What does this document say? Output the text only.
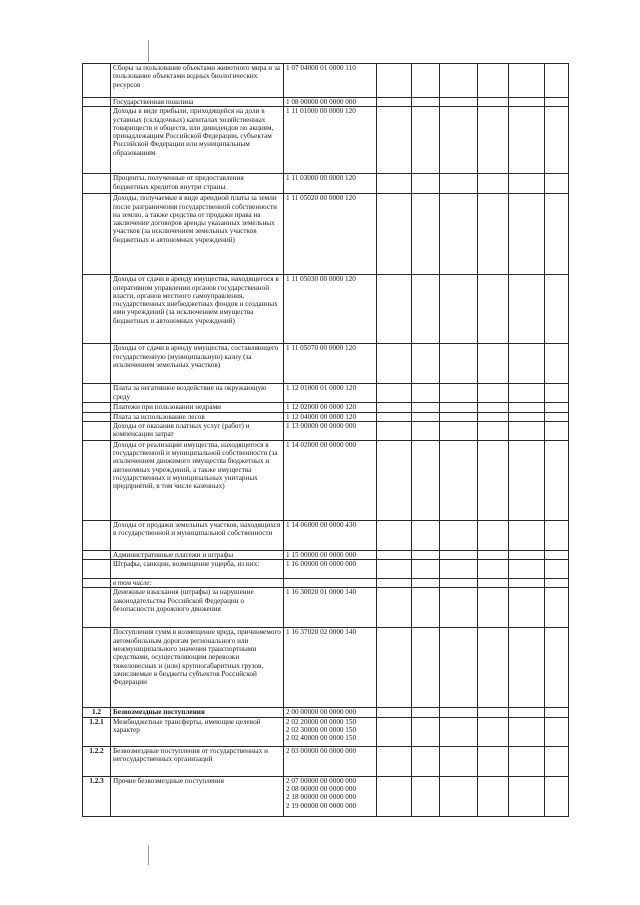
	Сборы за пользование объектами животного мира и за пользование объектами водных биологических ресурсов	1 07 04000 01 0000 110						
	Государственная пошлина	1 08 00000 00 0000 000						
	Доходы в виде прибыли, приходящейся на доли в уставных (складочных) капиталах хозяйственных товариществ и обществ, или дивидендов по акциям, принадлежащим Российской Федерации, субъектам Российской Федерации или муниципальным образованиям	1 11 01000 00 0000 120						
	Проценты, полученные от предоставления бюджетных кредитов внутри страны	1 11 03000 00 0000 120						
	Доходы, получаемые в виде арендной платы за земли после разграничения государственной собственности на землю, а также средства от продажи права на заключение договоров аренды указанных земельных участков (за исключением земельных участков бюджетных и автономных учреждений)	1 11 05020 00 0000 120						
	Доходы от сдачи в аренду имущества, находящегося в оперативном управлении органов государственной власти, органов местного самоуправления, государственных внебюджетных фондов и созданных ими учреждений (за исключением имущества бюджетных и автономных учреждений)	1 11 05030 00 0000 120						
	Доходы от сдачи в аренду имущества, составляющего государственную (муниципальную) казну (за исключением земельных участков)	1 11 05070 00 0000 120						
	Плата за негативное воздействие на окружающую среду	1 12 01000 01 0000 120						
	Платежи при пользовании недрами	1 12 02000 00 0000 120						
	Плата за использование лесов	1 12 04000 00 0000 120						
	Доходы от оказания платных услуг (работ) и компенсации затрат	1 13 00000 00 0000 000						
	Доходы от реализации имущества, находящегося в государственной и муниципальной собственности (за исключением движимого имущества бюджетных и автономных учреждений, а также имущества государственных и муниципальных унитарных предприятий, в том числе казенных)	1 14 02000 00 0000 000						
	Доходы от продажи земельных участков, находящихся в государственной и муниципальной собственности	1 14 06000 00 0000 430						
	Административные платежи и штрафы	1 15 00000 00 0000 000						
	Штрафы, санкции, возмещение ущерба, из них:	1 16 00000 00 0000 000						
	в том числе:							
	Денежные взыскания (штрафы) за нарушение законодательства Российской Федерации о безопасности дорожного движения	1 16 30020 01 0000 140						
	Поступления сумм в возмещение вреда, причиняемого автомобильным дорогам регионального или межмуниципального значения транспортными средствами, осуществляющим перевозки тяжеловесных и (или) крупногабаритных грузов, зачисляемые в бюджеты субъектов Российской Федерации	1 16 37020 02 0000 140						
1.2	Безвозмездные поступления	2 00 00000 00 0000 000						
1.2.1	Межбюджетные трансферты, имеющие целевой характер	2 02 20000 00 0000 150
2 02 30000 00 0000 150
2 02 40000 00 0000 150						
1.2.2	Безвозмездные поступления от государственных и негосударственных организаций	2 03 00000 00 0000 000						
1.2.3	Прочие безвозмездные поступления	2 07 00000 00 0000 000
2 08 00000 00 0000 000
2 18 00000 00 0000 000
2 19 00000 00 0000 000						
